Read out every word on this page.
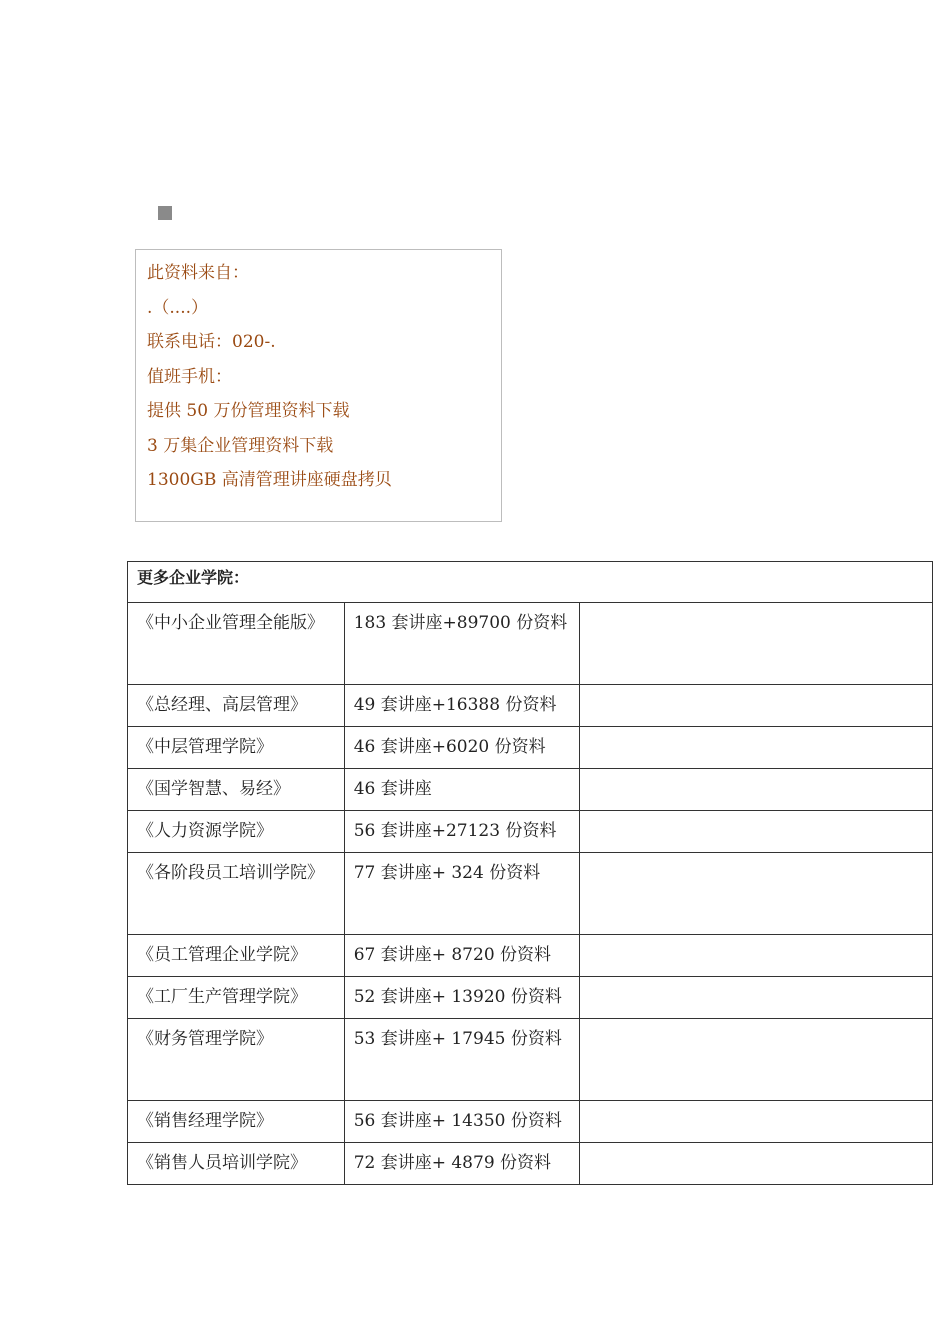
此资料来自：
.（....）
联系电话：020-.
值班手机：
提供 50 万份管理资料下载
3 万集企业管理资料下载
1300GB 高清管理讲座硬盘拷贝
更多企业学院：		
《中小企业管理全能版》	183 套讲座+89700 份资料	
《总经理、高层管理》	49 套讲座+16388 份资料	
《中层管理学院》	46 套讲座+6020 份资料	
《国学智慧、易经》	46 套讲座	
《人力资源学院》	56 套讲座+27123 份资料	
《各阶段员工培训学院》	77 套讲座+ 324 份资料	
《员工管理企业学院》	67 套讲座+ 8720 份资料	
《工厂生产管理学院》	52 套讲座+ 13920 份资料	
《财务管理学院》	53 套讲座+ 17945 份资料	
《销售经理学院》	56 套讲座+ 14350 份资料	
《销售人员培训学院》	72 套讲座+ 4879 份资料	
